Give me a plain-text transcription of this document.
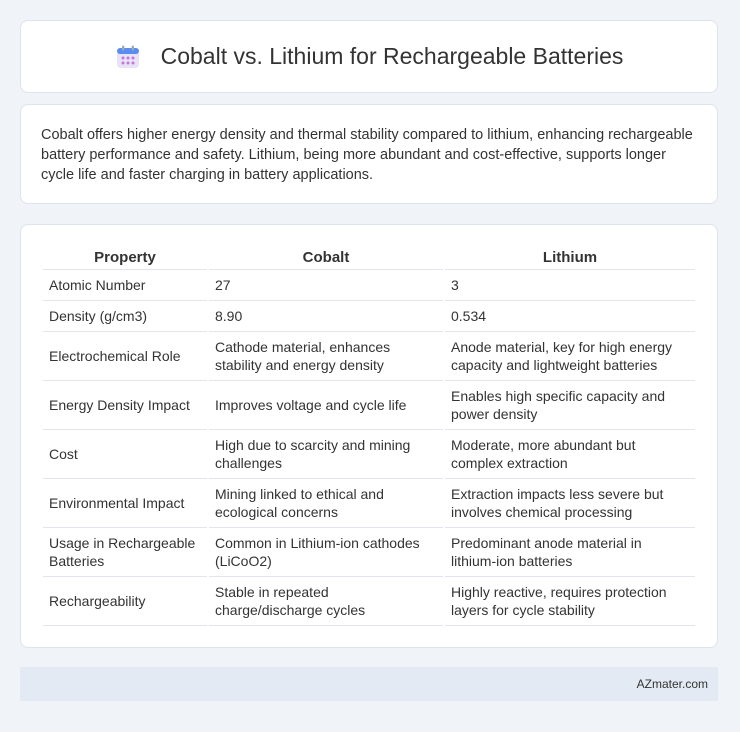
Cobalt vs. Lithium for Rechargeable Batteries

Cobalt offers higher energy density and thermal stability compared to lithium, enhancing rechargeable battery performance and safety. Lithium, being more abundant and cost-effective, supports longer cycle life and faster charging in battery applications.

Property	Cobalt	Lithium
Atomic Number	27	3
Density (g/cm3)	8.90	0.534
Electrochemical Role	Cathode material, enhances stability and energy density	Anode material, key for high energy capacity and lightweight batteries
Energy Density Impact	Improves voltage and cycle life	Enables high specific capacity and power density
Cost	High due to scarcity and mining challenges	Moderate, more abundant but complex extraction
Environmental Impact	Mining linked to ethical and ecological concerns	Extraction impacts less severe but involves chemical processing
Usage in Rechargeable Batteries	Common in Lithium-ion cathodes (LiCoO2)	Predominant anode material in lithium-ion batteries
Rechargeability	Stable in repeated charge/discharge cycles	Highly reactive, requires protection layers for cycle stability
AZmater.com
